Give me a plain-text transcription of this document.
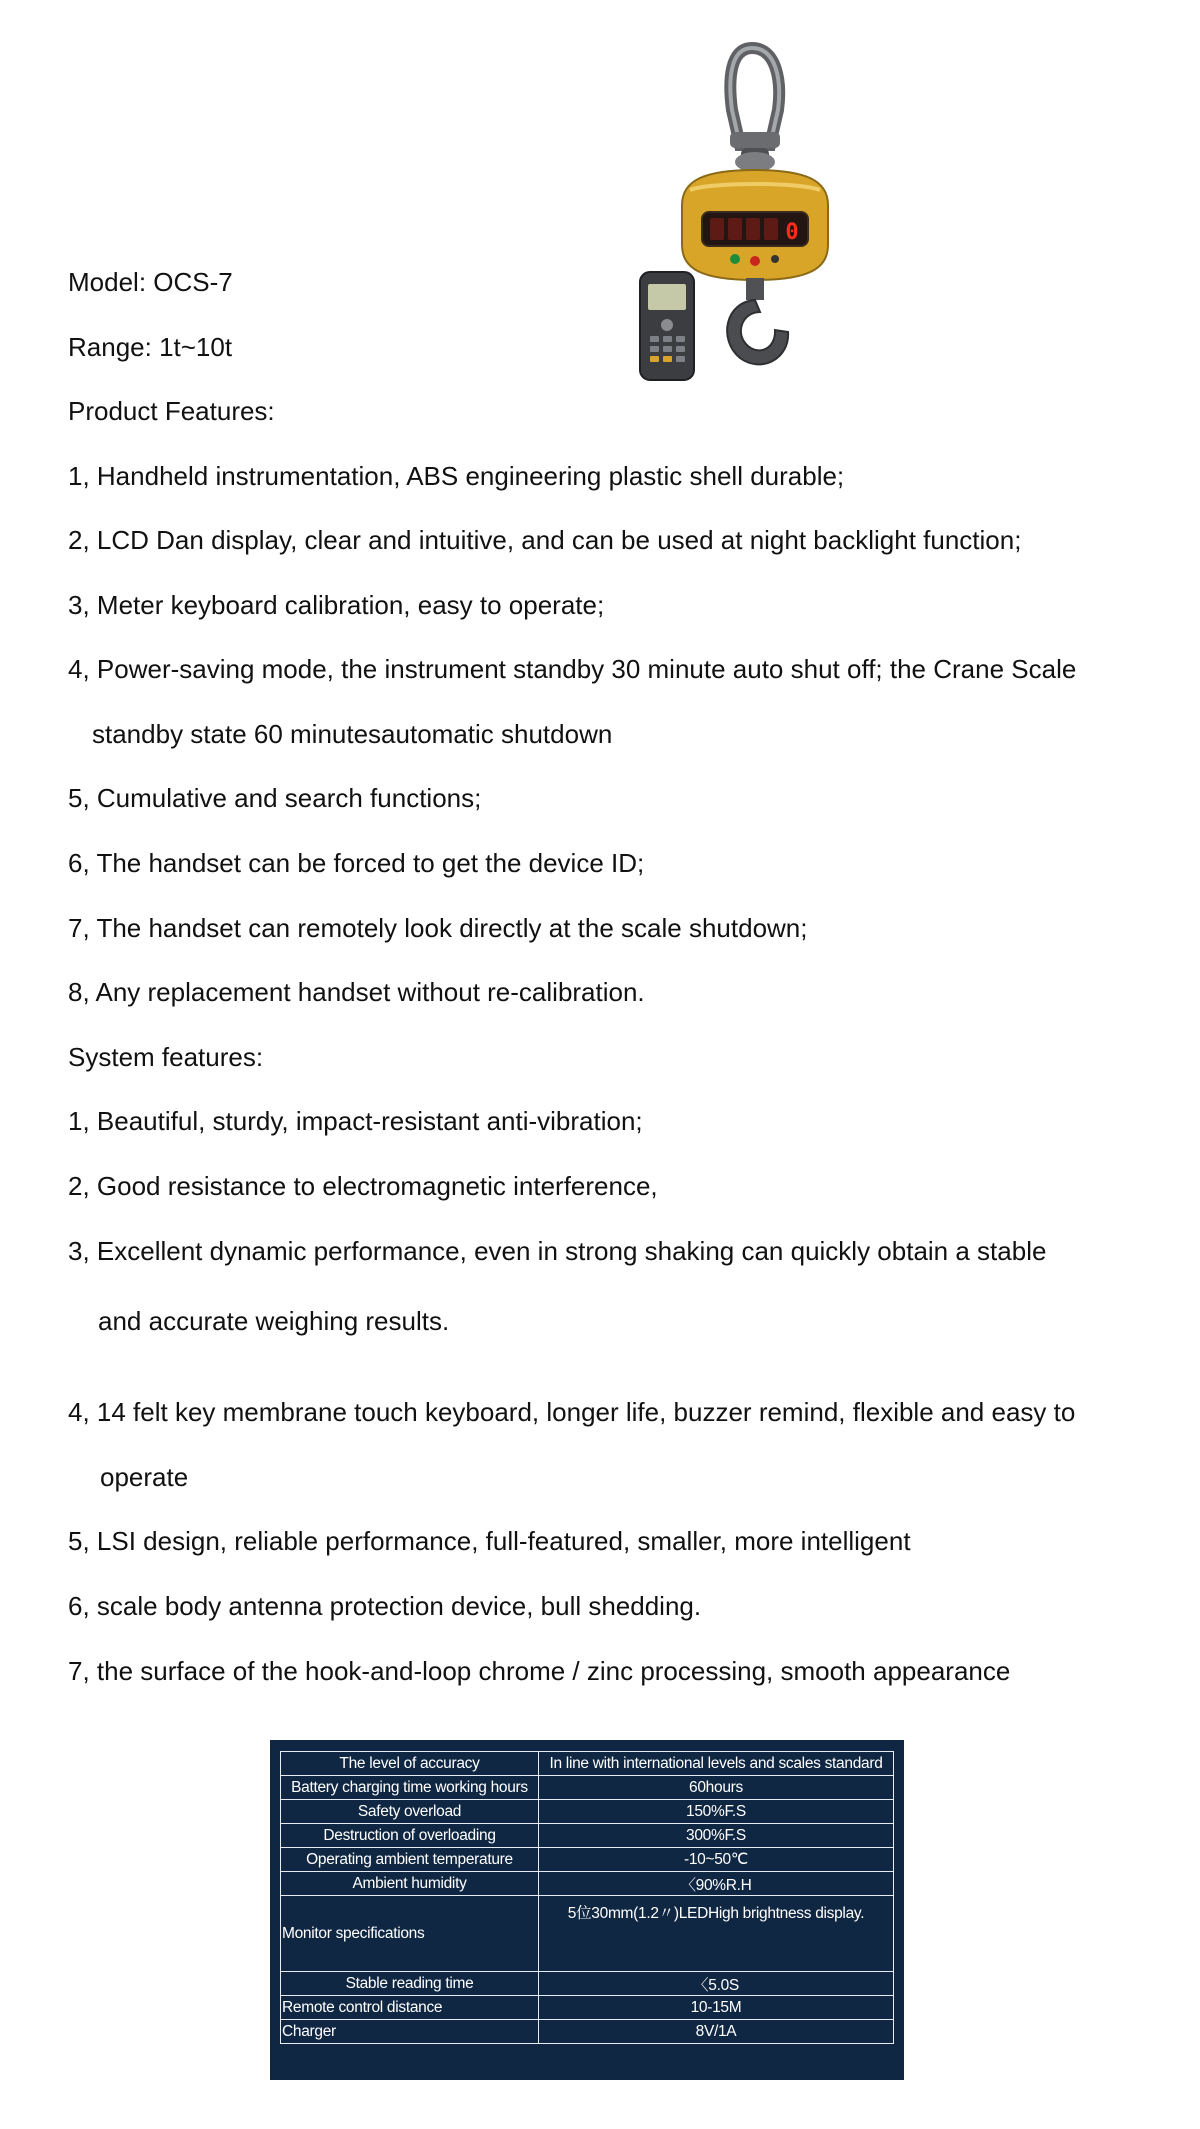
0

Model: OCS-7

Range: 1t~10t

Product Features:

1, Handheld instrumentation, ABS engineering plastic shell durable;

2, LCD Dan display, clear and intuitive, and can be used at night backlight function;

3, Meter keyboard calibration, easy to operate;

4, Power-saving mode, the instrument standby 30 minute auto shut off; the Crane Scale

standby state 60 minutesautomatic shutdown

5, Cumulative and search functions;

6, The handset can be forced to get the device ID;

7, The handset can remotely look directly at the scale shutdown;

8, Any replacement handset without re-calibration.

System features:

1, Beautiful, sturdy, impact-resistant anti-vibration;

2, Good resistance to electromagnetic interference,

3, Excellent dynamic performance, even in strong shaking can quickly obtain a stable

and accurate weighing results.

4, 14 felt key membrane touch keyboard, longer life, buzzer remind, flexible and easy to

operate

5, LSI design, reliable performance, full-featured, smaller, more intelligent

6, scale body antenna protection device, bull shedding.

7, the surface of the hook-and-loop chrome / zinc processing, smooth appearance

The level of accuracy	In line with international levels and scales standard
Battery charging time working hours	60hours
Safety overload	150%F.S
Destruction of overloading	300%F.S
Operating ambient temperature	-10~50℃
Ambient humidity	〈90%R.H
Monitor specifications	5位30mm(1.2〃)LEDHigh brightness display.
Stable reading time	〈5.0S
Remote control distance	10-15M
Charger	8V/1A
